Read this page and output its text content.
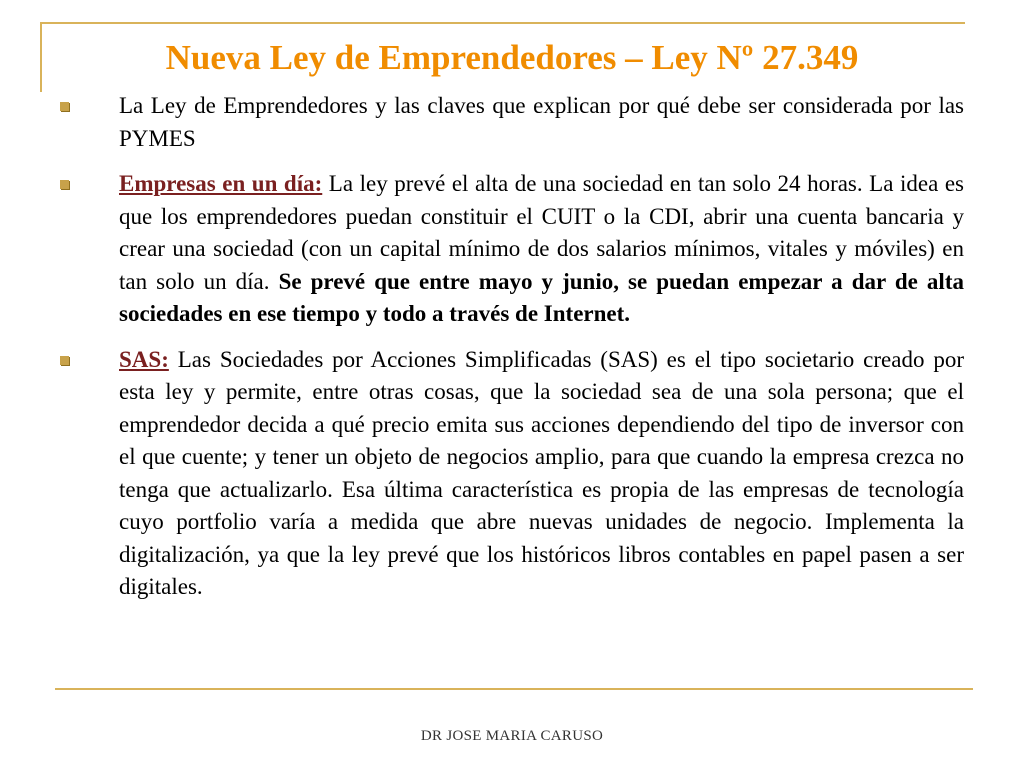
Nueva Ley de Emprendedores – Ley Nº 27.349
La Ley de Emprendedores y las claves que explican por qué debe ser considerada por las PYMES
Empresas en un día: La ley prevé el alta de una sociedad en tan solo 24 horas. La idea es que los emprendedores puedan constituir el CUIT o la CDI, abrir una cuenta bancaria y crear una sociedad (con un capital mínimo de dos salarios mínimos, vitales y móviles) en tan solo un día. Se prevé que entre mayo y junio, se puedan empezar a dar de alta sociedades en ese tiempo y todo a través de Internet.
SAS: Las Sociedades por Acciones Simplificadas (SAS) es el tipo societario creado por esta ley y permite, entre otras cosas, que la sociedad sea de una sola persona; que el emprendedor decida a qué precio emita sus acciones dependiendo del tipo de inversor con el que cuente; y tener un objeto de negocios amplio, para que cuando la empresa crezca no tenga que actualizarlo. Esa última característica es propia de las empresas de tecnología cuyo portfolio varía a medida que abre nuevas unidades de negocio. Implementa la digitalización, ya que la ley prevé que los históricos libros contables en papel pasen a ser digitales.
DR JOSE MARIA CARUSO
